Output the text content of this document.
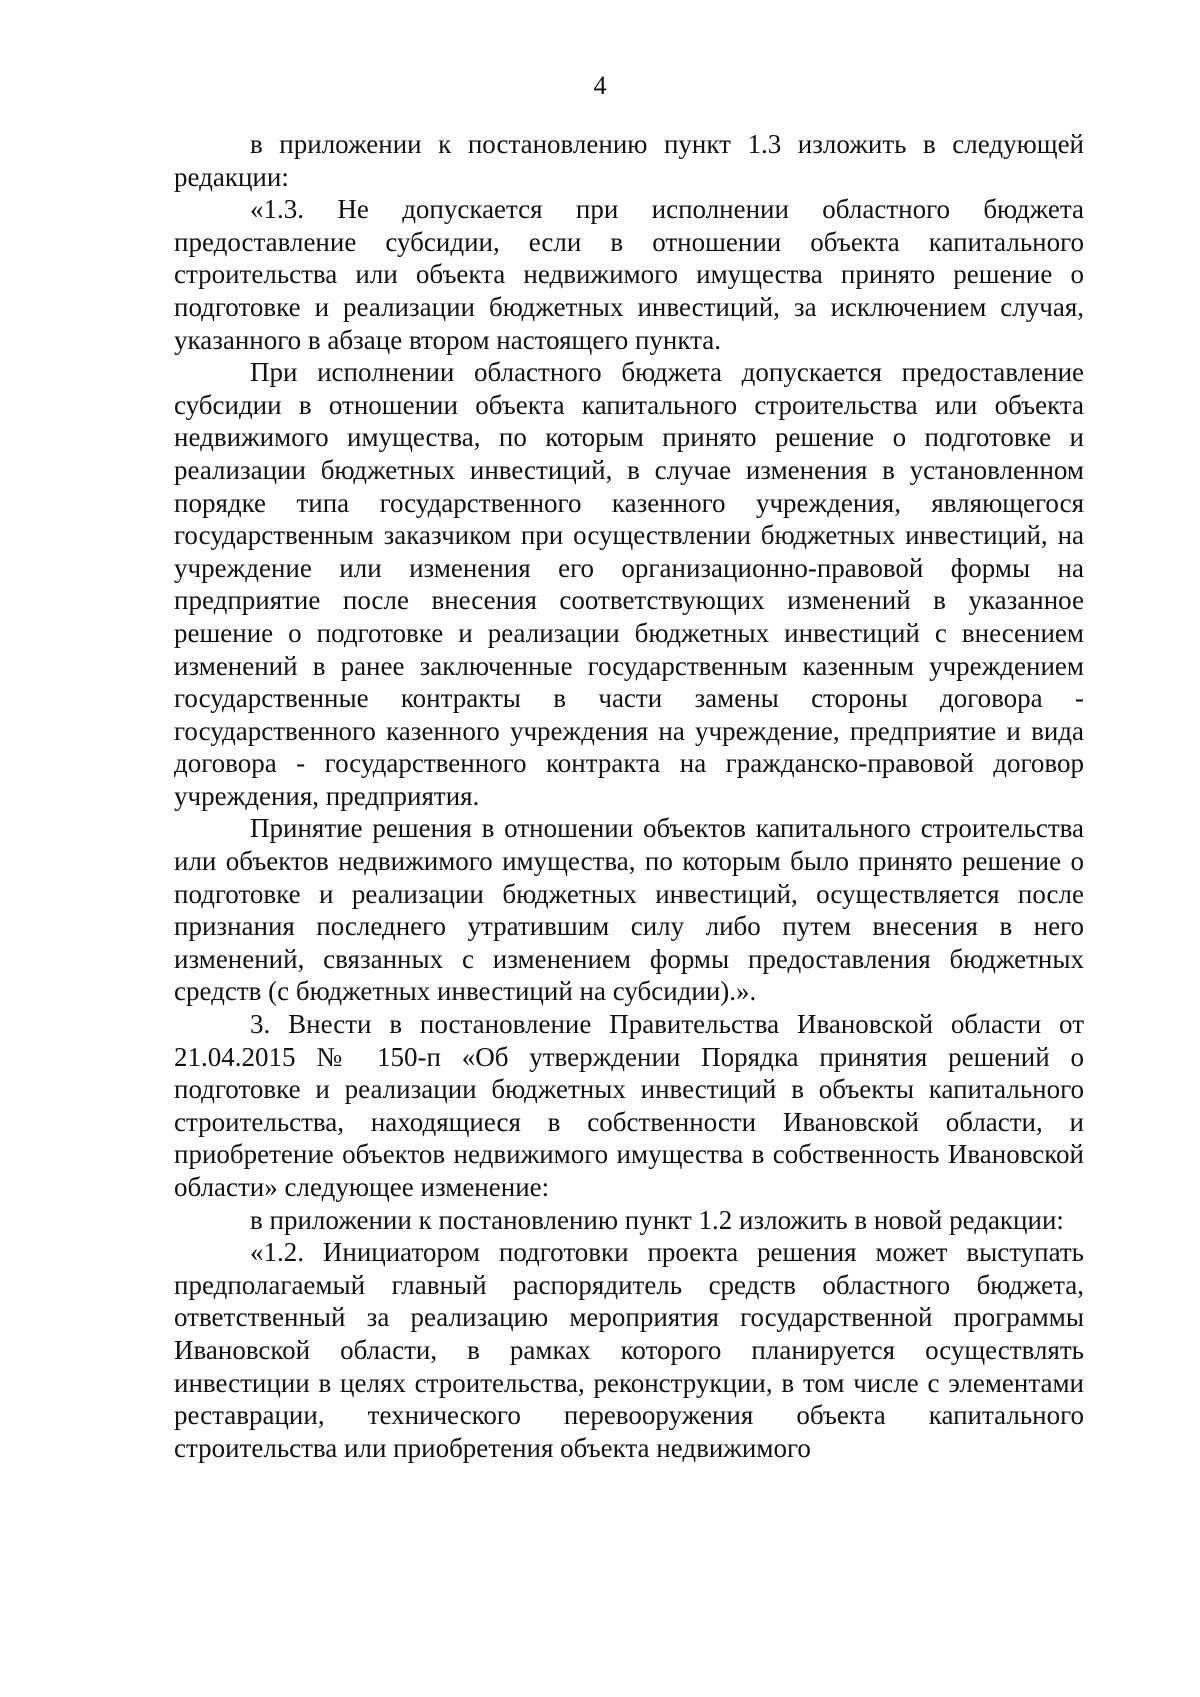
4

в приложении к постановлению пункт 1.3 изложить в следующей редакции:

«1.3. Не допускается при исполнении областного бюджета предоставление субсидии, если в отношении объекта капитального строительства или объекта недвижимого имущества принято решение о подготовке и реализации бюджетных инвестиций, за исключением случая, указанного в абзаце втором настоящего пункта.

При исполнении областного бюджета допускается предоставление субсидии в отношении объекта капитального строительства или объекта недвижимого имущества, по которым принято решение о подготовке и реализации бюджетных инвестиций, в случае изменения в установленном порядке типа государственного казенного учреждения, являющегося государственным заказчиком при осуществлении бюджетных инвестиций, на учреждение или изменения его организационно-правовой формы на предприятие после внесения соответствующих изменений в указанное решение о подготовке и реализации бюджетных инвестиций с внесением изменений в ранее заключенные государственным казенным учреждением государственные контракты в части замены стороны договора - государственного казенного учреждения на учреждение, предприятие и вида договора - государственного контракта на гражданско-правовой договор учреждения, предприятия.

Принятие решения в отношении объектов капитального строительства или объектов недвижимого имущества, по которым было принято решение о подготовке и реализации бюджетных инвестиций, осуществляется после признания последнего утратившим силу либо путем внесения в него изменений, связанных с изменением формы предоставления бюджетных средств (с бюджетных инвестиций на субсидии).».

3. Внести в постановление Правительства Ивановской области от 21.04.2015 № 150-п «Об утверждении Порядка принятия решений о подготовке и реализации бюджетных инвестиций в объекты капитального строительства, находящиеся в собственности Ивановской области, и приобретение объектов недвижимого имущества в собственность Ивановской области» следующее изменение:

в приложении к постановлению пункт 1.2 изложить в новой редакции:

«1.2. Инициатором подготовки проекта решения может выступать предполагаемый главный распорядитель средств областного бюджета, ответственный за реализацию мероприятия государственной программы Ивановской области, в рамках которого планируется осуществлять инвестиции в целях строительства, реконструкции, в том числе с элементами реставрации, технического перевооружения объекта капитального строительства или приобретения объекта недвижимого
